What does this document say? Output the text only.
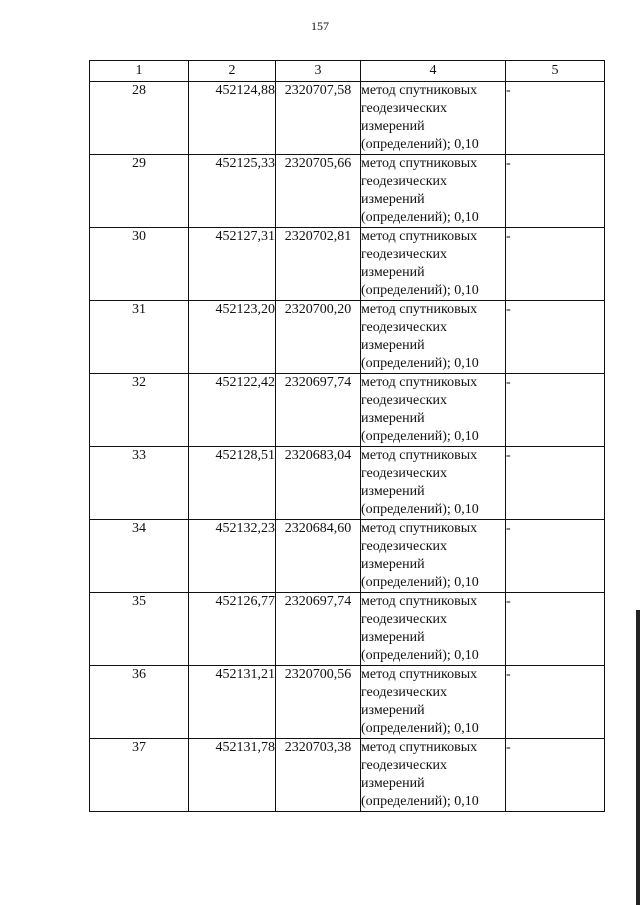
157
1	2	3	4	5
28	452124,88	2320707,58	метод спутниковых геодезических измерений (определений); 0,10	-
29	452125,33	2320705,66	метод спутниковых геодезических измерений (определений); 0,10	-
30	452127,31	2320702,81	метод спутниковых геодезических измерений (определений); 0,10	-
31	452123,20	2320700,20	метод спутниковых геодезических измерений (определений); 0,10	-
32	452122,42	2320697,74	метод спутниковых геодезических измерений (определений); 0,10	-
33	452128,51	2320683,04	метод спутниковых геодезических измерений (определений); 0,10	-
34	452132,23	2320684,60	метод спутниковых геодезических измерений (определений); 0,10	-
35	452126,77	2320697,74	метод спутниковых геодезических измерений (определений); 0,10	-
36	452131,21	2320700,56	метод спутниковых геодезических измерений (определений); 0,10	-
37	452131,78	2320703,38	метод спутниковых геодезических измерений (определений); 0,10	-
